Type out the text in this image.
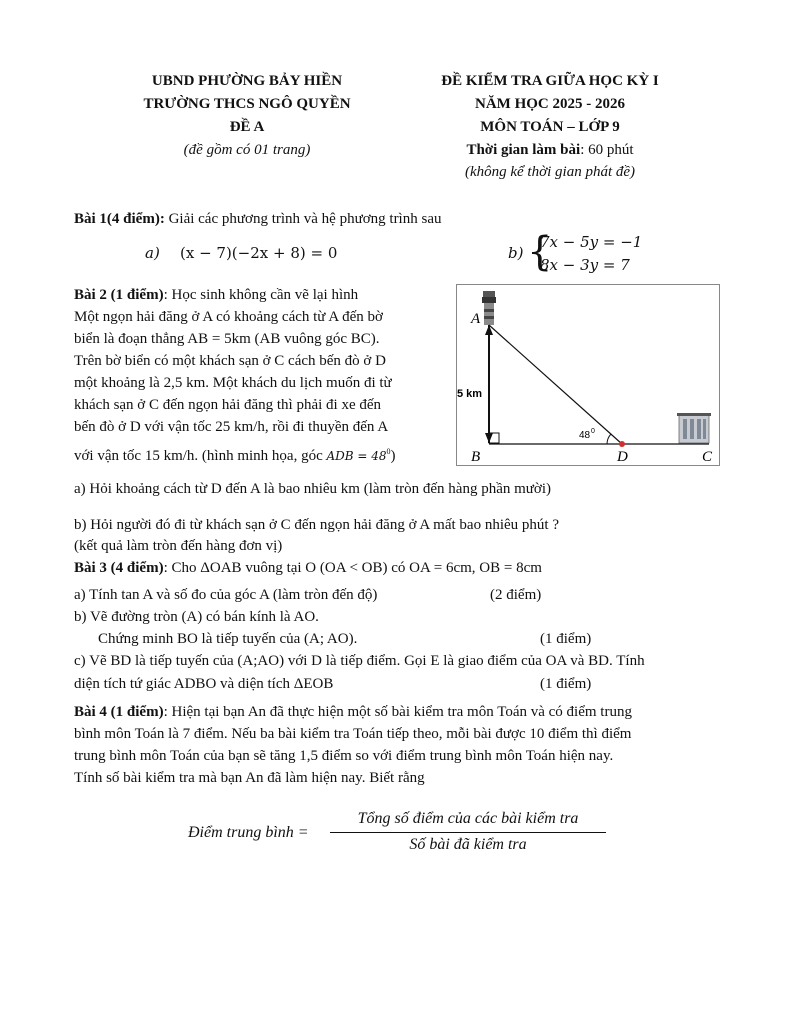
UBND PHƯỜNG BẢY HIỀN
TRƯỜNG THCS NGÔ QUYỀN
ĐỀ A
(đề gồm có 01 trang)
ĐỀ KIỂM TRA GIỮA HỌC KỲ I
NĂM HỌC 2025 - 2026
MÔN TOÁN – LỚP 9
Thời gian làm bài: 60 phút
(không kể thời gian phát đề)
Bài 1(4 điểm): Giải các phương trình và hệ phương trình sau
a) (x − 7)(−2x + 8) = 0	b) {
7x − 5y = −1
8x − 3y = 7
Bài 2 (1 điểm): Học sinh không cần vẽ lại hình
Một ngọn hải đăng ở A có khoảng cách từ A đến bờ
biển là đoạn thẳng AB = 5km (AB vuông góc BC).
Trên bờ biển có một khách sạn ở C cách bến đò ở D
một khoảng là 2,5 km. Một khách du lịch muốn đi từ
khách sạn ở C đến ngọn hải đăng thì phải đi xe đến
bến đò ở D với vận tốc 25 km/h, rồi đi thuyền đến A
với vận tốc 15 km/h. (hình minh họa, góc ADB = $48^0$)
A
B	D	C
5 km
48 0
a) Hỏi khoảng cách từ D đến A là bao nhiêu km (làm tròn đến hàng phần mười)
b) Hỏi người đó đi từ khách sạn ở C đến ngọn hải đăng ở A mất bao nhiêu phút ?
(kết quả làm tròn đến hàng đơn vị)
Bài 3 (4 điểm): Cho ΔOAB vuông tại O (OA < OB) có OA = 6cm, OB = 8cm
a) Tính tan A và số đo của góc A (làm tròn đến độ)	(2 điểm)
b) Vẽ đường tròn (A) có bán kính là AO.
Chứng minh BO là tiếp tuyến của (A; AO).	(1 điểm)
c) Vẽ BD là tiếp tuyến của (A;AO) với D là tiếp điểm. Gọi E là giao điểm của OA và BD. Tính
diện tích tứ giác ADBO và diện tích ΔEOB	(1 điểm)
Bài 4 (1 điểm): Hiện tại bạn An đã thực hiện một số bài kiểm tra môn Toán và có điểm trung
bình môn Toán là 7 điểm. Nếu ba bài kiểm tra Toán tiếp theo, mỗi bài được 10 điểm thì điểm
trung bình môn Toán của bạn sẽ tăng 1,5 điểm so với điểm trung bình môn Toán hiện nay.
Tính số bài kiểm tra mà bạn An đã làm hiện nay. Biết rằng
Điểm trung bình =
Tổng số điểm của các bài kiểm tra
Số bài đã kiểm tra
